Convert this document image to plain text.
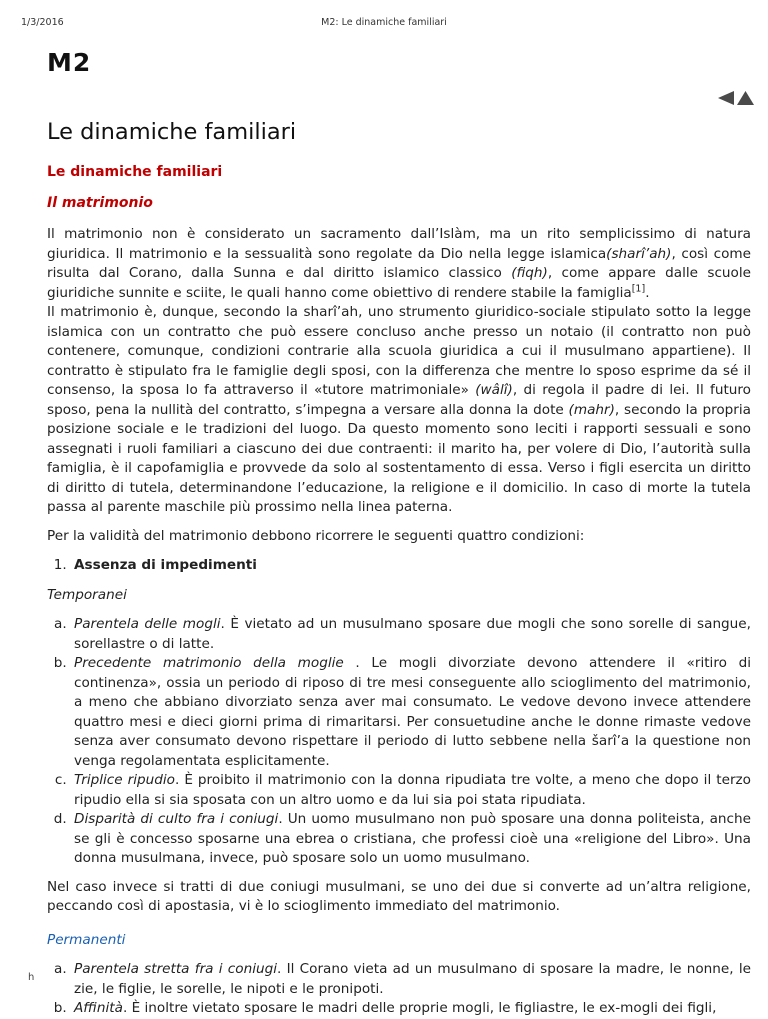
1/3/2016	M2: Le dinamiche familiari
M2
Le dinamiche familiari
Le dinamiche familiari
Il matrimonio

Il matrimonio non è considerato un sacramento dall’Islàm, ma un rito semplicissimo di natura giuridica. Il matrimonio e la sessualità sono regolate da Dio nella legge islamica(sharî’ah), così come risulta dal Corano, dalla Sunna e dal diritto islamico classico (fiqh), come appare dalle scuole giuridiche sunnite e sciite, le quali hanno come obiettivo di rendere stabile la famiglia[1].
Il matrimonio è, dunque, secondo la sharî’ah, uno strumento giuridico-sociale stipulato sotto la legge islamica con un contratto che può essere concluso anche presso un notaio (il contratto non può contenere, comunque, condizioni contrarie alla scuola giuridica a cui il musulmano appartiene). Il contratto è stipulato fra le famiglie degli sposi, con la differenza che mentre lo sposo esprime da sé il consenso, la sposa lo fa attraverso il «tutore matrimoniale» (wâlî), di regola il padre di lei. Il futuro sposo, pena la nullità del contratto, s’impegna a versare alla donna la dote (mahr), secondo la propria posizione sociale e le tradizioni del luogo. Da questo momento sono leciti i rapporti sessuali e sono assegnati i ruoli familiari a ciascuno dei due contraenti: il marito ha, per volere di Dio, l’autorità sulla famiglia, è il capofamiglia e provvede da solo al sostentamento di essa. Verso i figli esercita un diritto di diritto di tutela, determinandone l’educazione, la religione e il domicilio. In caso di morte la tutela passa al parente maschile più prossimo nella linea paterna.

Per la validità del matrimonio debbono ricorrere le seguenti quattro condizioni:

1. Assenza di impedimenti

Temporanei

a. Parentela delle mogli. È vietato ad un musulmano sposare due mogli che sono sorelle di sangue, sorellastre o di latte.
b. Precedente matrimonio della moglie . Le mogli divorziate devono attendere il «ritiro di continenza», ossia un periodo di riposo di tre mesi conseguente allo scioglimento del matrimonio, a meno che abbiano divorziato senza aver mai consumato. Le vedove devono invece attendere quattro mesi e dieci giorni prima di rimaritarsi. Per consuetudine anche le donne rimaste vedove senza aver consumato devono rispettare il periodo di lutto sebbene nella šarî’a la questione non venga regolamentata esplicitamente.
c. Triplice ripudio. È proibito il matrimonio con la donna ripudiata tre volte, a meno che dopo il terzo ripudio ella si sia sposata con un altro uomo e da lui sia poi stata ripudiata.
d. Disparità di culto fra i coniugi. Un uomo musulmano non può sposare una donna politeista, anche se gli è concesso sposarne una ebrea o cristiana, che professi cioè una «religione del Libro». Una donna musulmana, invece, può sposare solo un uomo musulmano.

Nel caso invece si tratti di due coniugi musulmani, se uno dei due si converte ad un’altra religione, peccando così di apostasia, vi è lo scioglimento immediato del matrimonio.

Permanenti

a. Parentela stretta fra i coniugi. Il Corano vieta ad un musulmano di sposare la madre, le nonne, le zie, le figlie, le sorelle, le nipoti e le pronipoti.
b. Affinità. È inoltre vietato sposare le madri delle proprie mogli, le figliastre, le ex-mogli dei figli,
h
